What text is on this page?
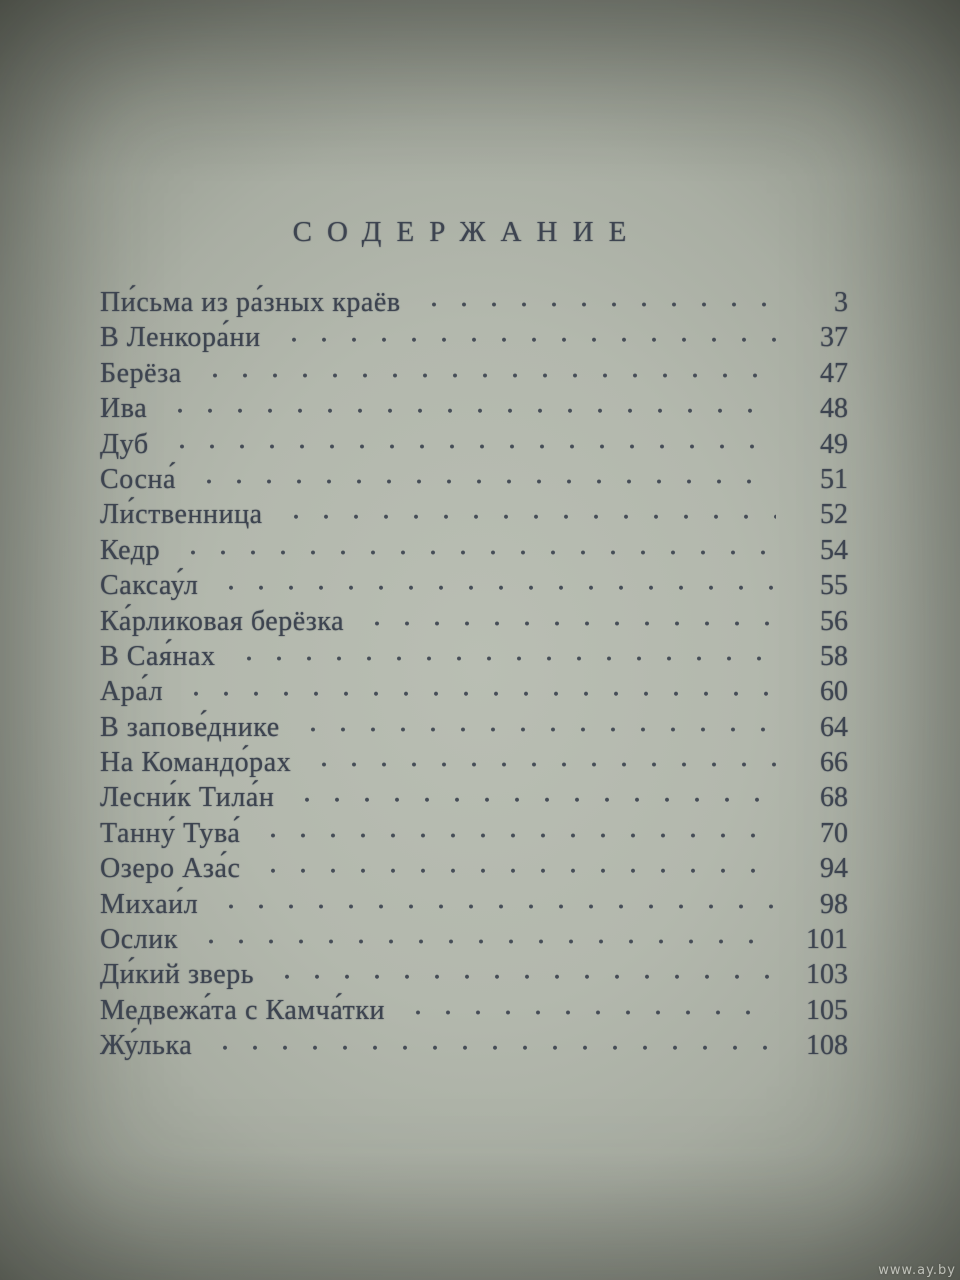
СОДЕРЖАНИЕ
Пи́сьма из ра́зных краёв	3
В Ленкора́ни	37
Берёза	47
Ива	48
Дуб	49
Сосна́	51
Ли́ственница	52
Кедр	54
Саксау́л	55
Ка́рликовая берёзка	56
В Сая́нах	58
Ара́л	60
В запове́днике	64
На Командо́рах	66
Лесни́к Тила́н	68
Танну́ Тува́	70
Озеро Аза́с	94
Михаи́л	98
Ослик	101
Ди́кий зверь	103
Медвежа́та с Камча́тки	105
Жу́лька	108
www.ay.by
